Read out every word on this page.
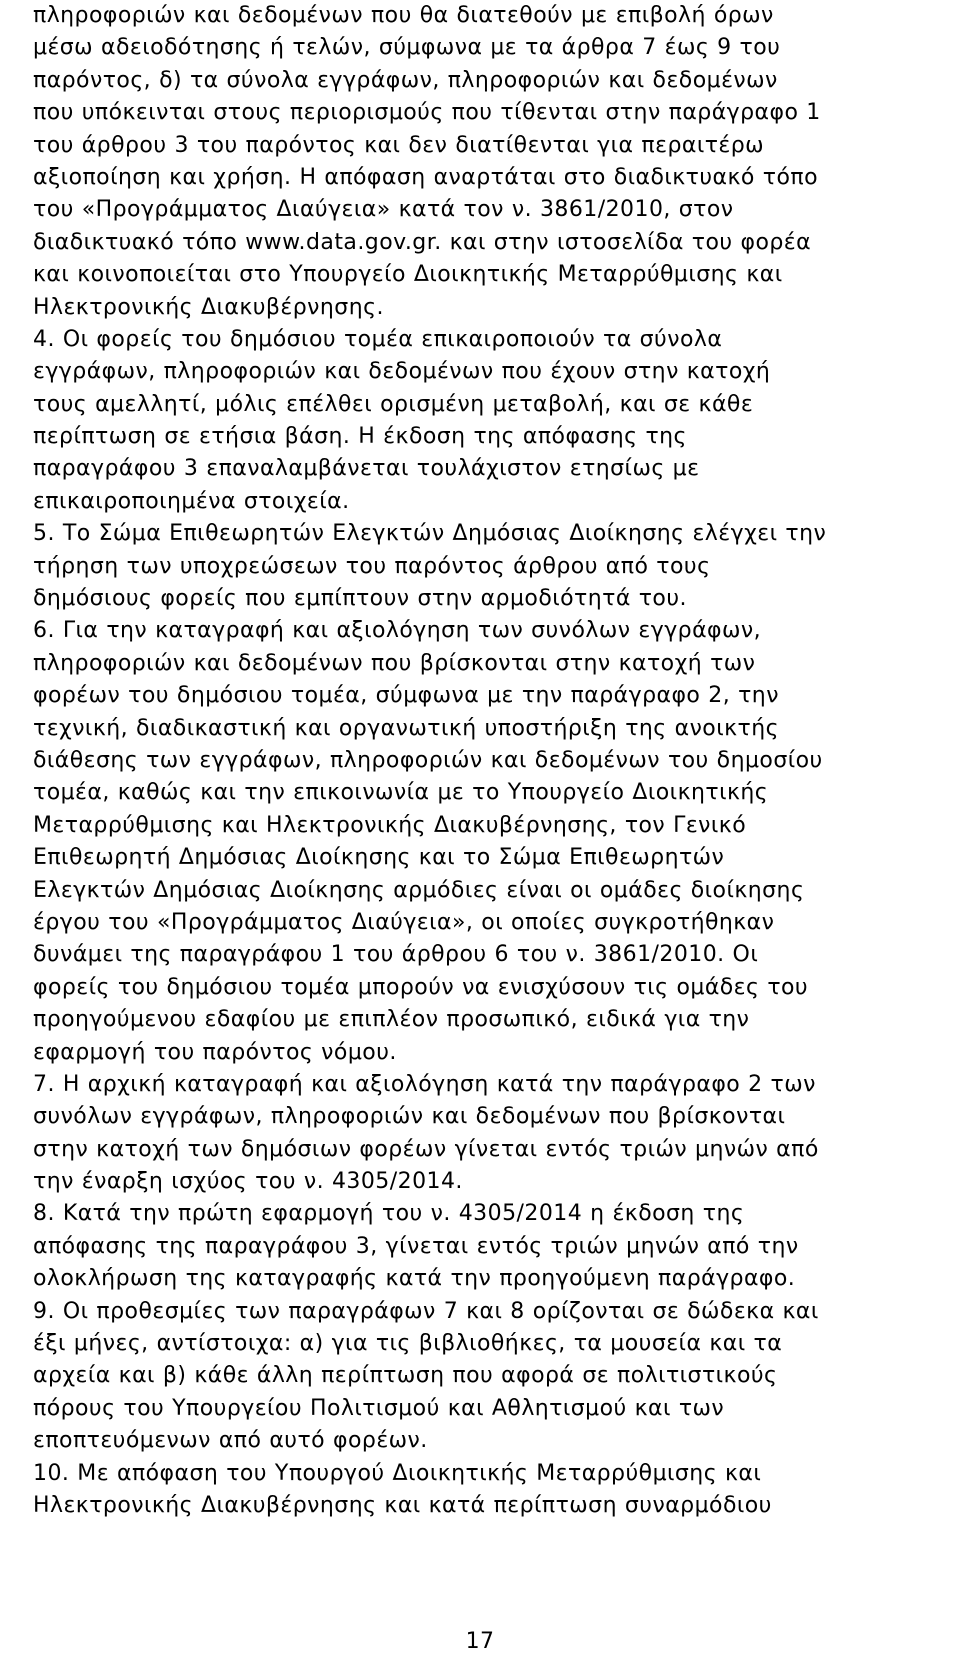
πληροφοριών και δεδομένων που θα διατεθούν με επιβολή όρων
μέσω αδειοδότησης ή τελών, σύμφωνα με τα άρθρα 7 έως 9 του
παρόντος, δ) τα σύνολα εγγράφων, πληροφοριών και δεδομένων
που υπόκεινται στους περιορισμούς που τίθενται στην παράγραφο 1
του άρθρου 3 του παρόντος και δεν διατίθενται για περαιτέρω
αξιοποίηση και χρήση. Η απόφαση αναρτάται στο διαδικτυακό τόπο
του «Προγράμματος Διαύγεια» κατά τον ν. 3861/2010, στον
διαδικτυακό τόπο www.data.gov.gr. και στην ιστοσελίδα του φορέα
και κοινοποιείται στο Υπουργείο Διοικητικής Μεταρρύθμισης και
Ηλεκτρονικής Διακυβέρνησης.
4. Οι φορείς του δημόσιου τομέα επικαιροποιούν τα σύνολα
εγγράφων, πληροφοριών και δεδομένων που έχουν στην κατοχή
τους αμελλητί, μόλις επέλθει ορισμένη μεταβολή, και σε κάθε
περίπτωση σε ετήσια βάση. Η έκδοση της απόφασης της
παραγράφου 3 επαναλαμβάνεται τουλάχιστον ετησίως με
επικαιροποιημένα στοιχεία.
5. Το Σώμα Επιθεωρητών Ελεγκτών Δημόσιας Διοίκησης ελέγχει την
τήρηση των υποχρεώσεων του παρόντος άρθρου από τους
δημόσιους φορείς που εμπίπτουν στην αρμοδιότητά του.
6. Για την καταγραφή και αξιολόγηση των συνόλων εγγράφων,
πληροφοριών και δεδομένων που βρίσκονται στην κατοχή των
φορέων του δημόσιου τομέα, σύμφωνα με την παράγραφο 2, την
τεχνική, διαδικαστική και οργανωτική υποστήριξη της ανοικτής
διάθεσης των εγγράφων, πληροφοριών και δεδομένων του δημοσίου
τομέα, καθώς και την επικοινωνία με το Υπουργείο Διοικητικής
Μεταρρύθμισης και Ηλεκτρονικής Διακυβέρνησης, τον Γενικό
Επιθεωρητή Δημόσιας Διοίκησης και το Σώμα Επιθεωρητών
Ελεγκτών Δημόσιας Διοίκησης αρμόδιες είναι οι ομάδες διοίκησης
έργου του «Προγράμματος Διαύγεια», οι οποίες συγκροτήθηκαν
δυνάμει της παραγράφου 1 του άρθρου 6 του ν. 3861/2010. Οι
φορείς του δημόσιου τομέα μπορούν να ενισχύσουν τις ομάδες του
προηγούμενου εδαφίου με επιπλέον προσωπικό, ειδικά για την
εφαρμογή του παρόντος νόμου.
7. Η αρχική καταγραφή και αξιολόγηση κατά την παράγραφο 2 των
συνόλων εγγράφων, πληροφοριών και δεδομένων που βρίσκονται
στην κατοχή των δημόσιων φορέων γίνεται εντός τριών μηνών από
την έναρξη ισχύος του ν. 4305/2014.
8. Κατά την πρώτη εφαρμογή του ν. 4305/2014 η έκδοση της
απόφασης της παραγράφου 3, γίνεται εντός τριών μηνών από την
ολοκλήρωση της καταγραφής κατά την προηγούμενη παράγραφο.
9. Οι προθεσμίες των παραγράφων 7 και 8 ορίζονται σε δώδεκα και
έξι μήνες, αντίστοιχα: α) για τις βιβλιοθήκες, τα μουσεία και τα
αρχεία και β) κάθε άλλη περίπτωση που αφορά σε πολιτιστικούς
πόρους του Υπουργείου Πολιτισμού και Αθλητισμού και των
εποπτευόμενων από αυτό φορέων.
10. Με απόφαση του Υπουργού Διοικητικής Μεταρρύθμισης και
Ηλεκτρονικής Διακυβέρνησης και κατά περίπτωση συναρμόδιου
17
